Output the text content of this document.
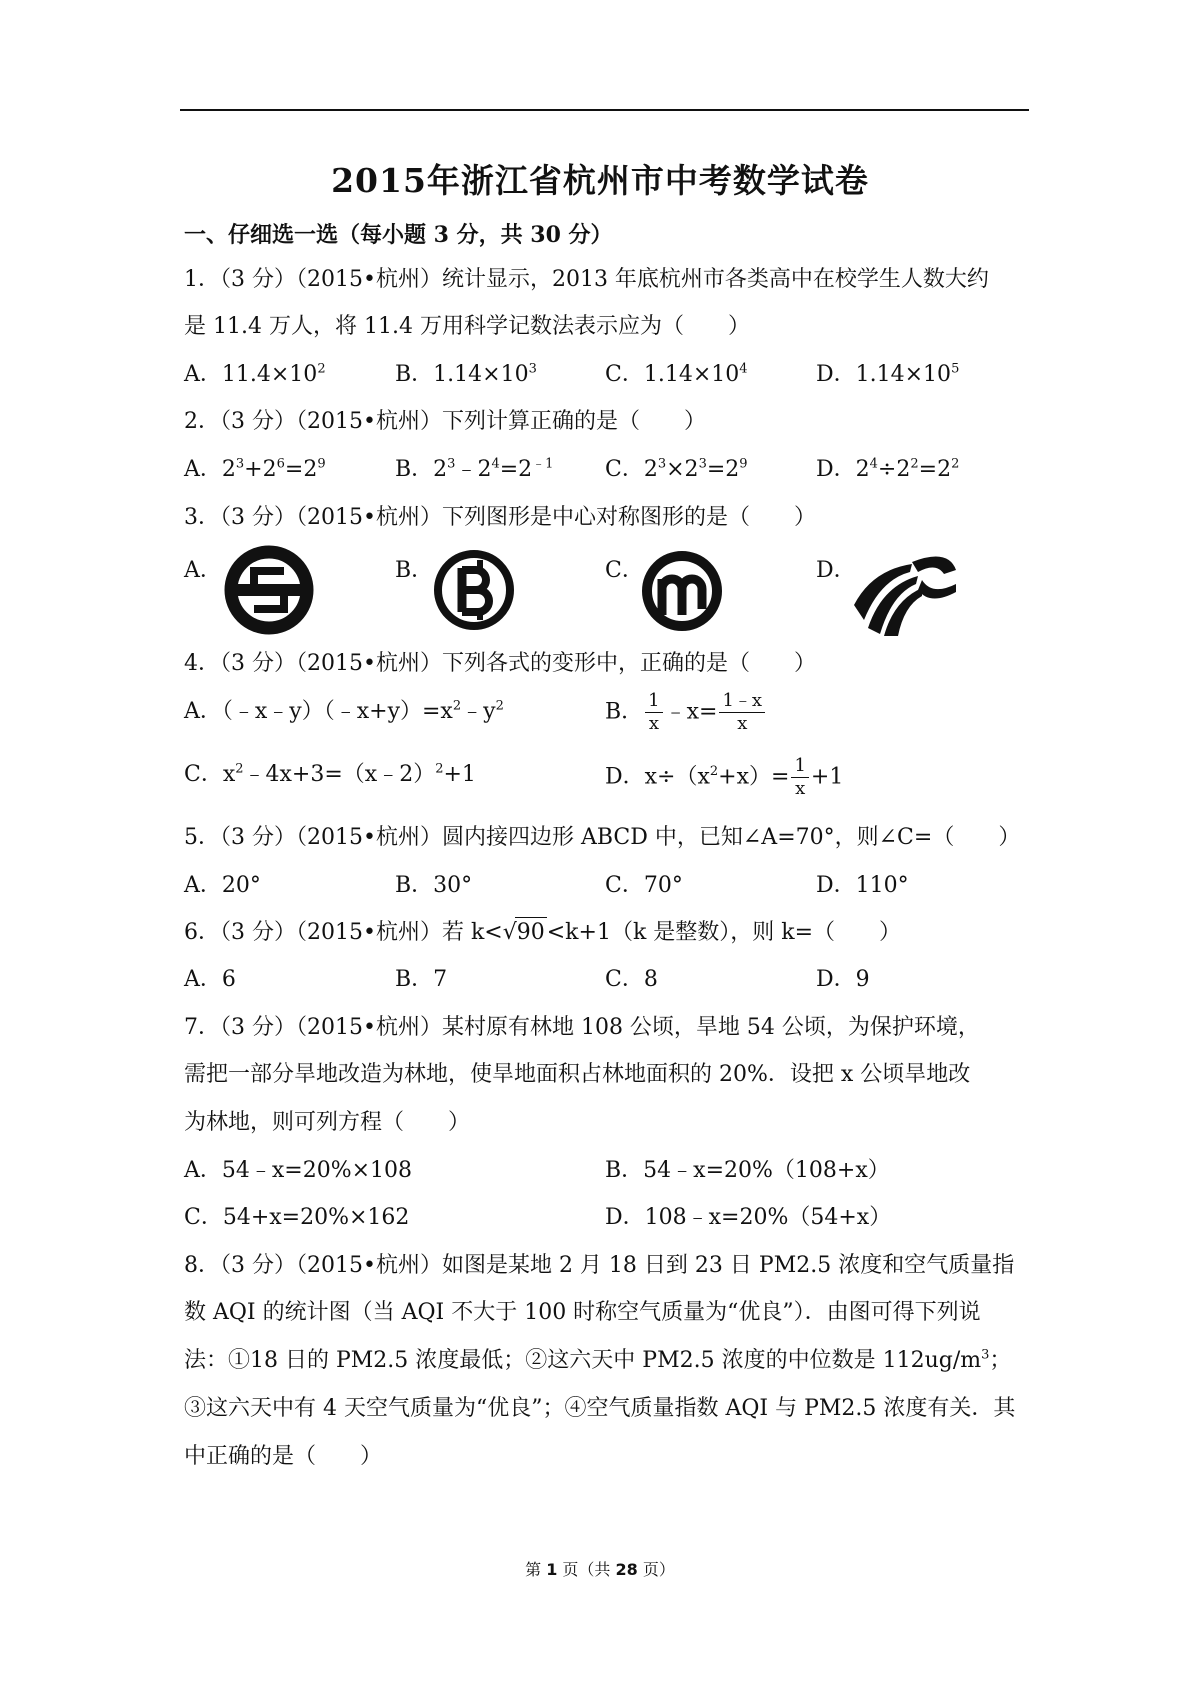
2015年浙江省杭州市中考数学试卷
一、仔细选一选（每小题 3 分，共 30 分）
1．（3 分）（2015•杭州）统计显示，2013 年底杭州市各类高中在校学生人数大约
是 11.4 万人，将 11.4 万用科学记数法表示应为（　　）
A．$11.4\times 10^2$	B．$1.14\times 10^3$	C．$1.14\times 10^4$	D．$1.14\times 10^5$
2．（3 分）（2015•杭州）下列计算正确的是（　　）
A．$2^3+2^6=2^9$	B．$2^3﹣2^4=2^{﹣1}$ C．$2^3\times 2^3=2^9$	D．$2^4\div 2^2=2^2$
3．（3 分）（2015•杭州）下列图形是中心对称图形的是（　　）
A．	B．	C．	D．
4．（3 分）（2015•杭州）下列各式的变形中，正确的是（　　）
A．$(﹣x﹣y)(﹣x+y)=x^2﹣y^2$	B． $\frac{1}{x}$ ﹣x= $\frac{1﹣x}{x}$
C．$x^2﹣4x+3=(x﹣2)^2+1$	D．$x\div(x^2+x)= \frac{1}{x} +1$
5．（3 分）（2015•杭州）圆内接四边形 ABCD 中，已知∠A=70°，则∠C=（　　）
A．20°	B．30°	C．70°	D．110°
6．（3 分）（2015•杭州）若 k<√90<k+1（k 是整数），则 k=（　　）
A．6	B．7	C．8	D．9
7．（3 分）（2015•杭州）某村原有林地 108 公顷，旱地 54 公顷，为保护环境，
需把一部分旱地改造为林地，使旱地面积占林地面积的 20%．设把 x 公顷旱地改
为林地，则可列方程（　　）
A．54﹣x=20%×108	B．54﹣x=20%（108+x）
C．54+x=20%×162	D．108﹣x=20%（54+x）
8．（3 分）（2015•杭州）如图是某地 2 月 18 日到 23 日 PM2.5 浓度和空气质量指
数 AQI 的统计图（当 AQI 不大于 100 时称空气质量为“优良”）．由图可得下列说
法：①18 日的 PM2.5 浓度最低；②这六天中 PM2.5 浓度的中位数是 $112ug/m^3$；
③这六天中有 4 天空气质量为“优良”；④空气质量指数 AQI 与 PM2.5 浓度有关．其
中正确的是（　　）
第 1 页（共 28 页）
